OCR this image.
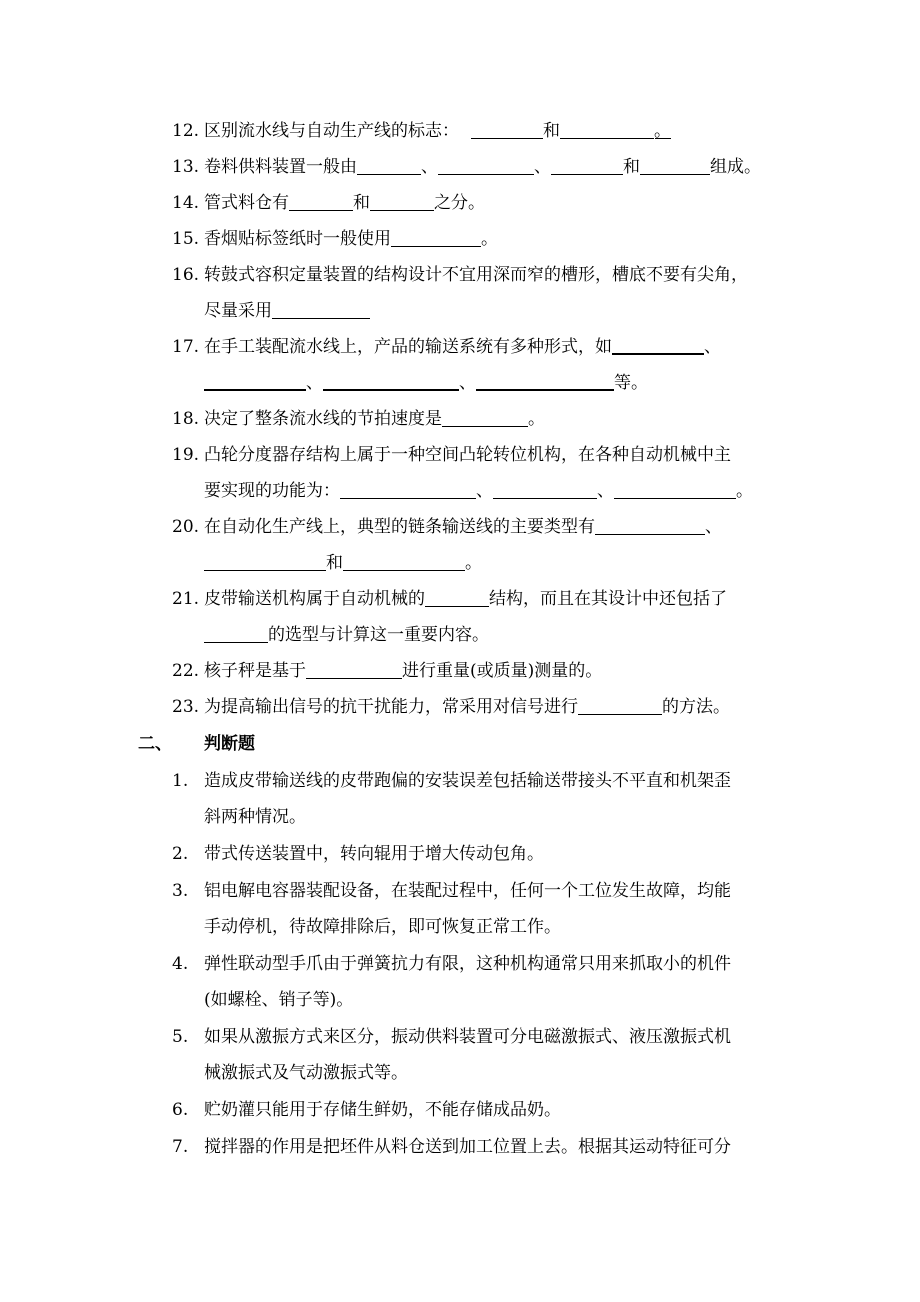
12. 区别流水线与自动生产线的标志：	和	。
13. 卷料供料装置一般由	、	、	和	组成。
14. 管式料仓有	和	之分。
15. 香烟贴标签纸时一般使用	。
16. 转鼓式容积定量装置的结构设计不宜用深而窄的槽形，槽底不要有尖角，
尽量采用
17. 在手工装配流水线上，产品的输送系统有多种形式，如	、
、	、	等。
18. 决定了整条流水线的节拍速度是	。
19. 凸轮分度器存结构上属于一种空间凸轮转位机构，在各种自动机械中主
要实现的功能为：	、	、	。
20. 在自动化生产线上，典型的链条输送线的主要类型有	、
和	。
21. 皮带输送机构属于自动机械的	结构，而且在其设计中还包括了
的选型与计算这一重要内容。
22. 核子秤是基于	进行重量(或质量)测量的。
23. 为提高输出信号的抗干扰能力，常采用对信号进行	的方法。
二、 判断题
1. 造成皮带输送线的皮带跑偏的安装误差包括输送带接头不平直和机架歪
斜两种情况。
2. 带式传送装置中，转向辊用于增大传动包角。
3. 铝电解电容器装配设备，在装配过程中，任何一个工位发生故障，均能
手动停机，待故障排除后，即可恢复正常工作。
4. 弹性联动型手爪由于弹簧抗力有限，这种机构通常只用来抓取小的机件
(如螺栓、销子等)。
5. 如果从激振方式来区分，振动供料装置可分电磁激振式、液压激振式机
械激振式及气动激振式等。
6. 贮奶灌只能用于存储生鲜奶，不能存储成品奶。
7. 搅拌器的作用是把坯件从料仓送到加工位置上去。根据其运动特征可分
